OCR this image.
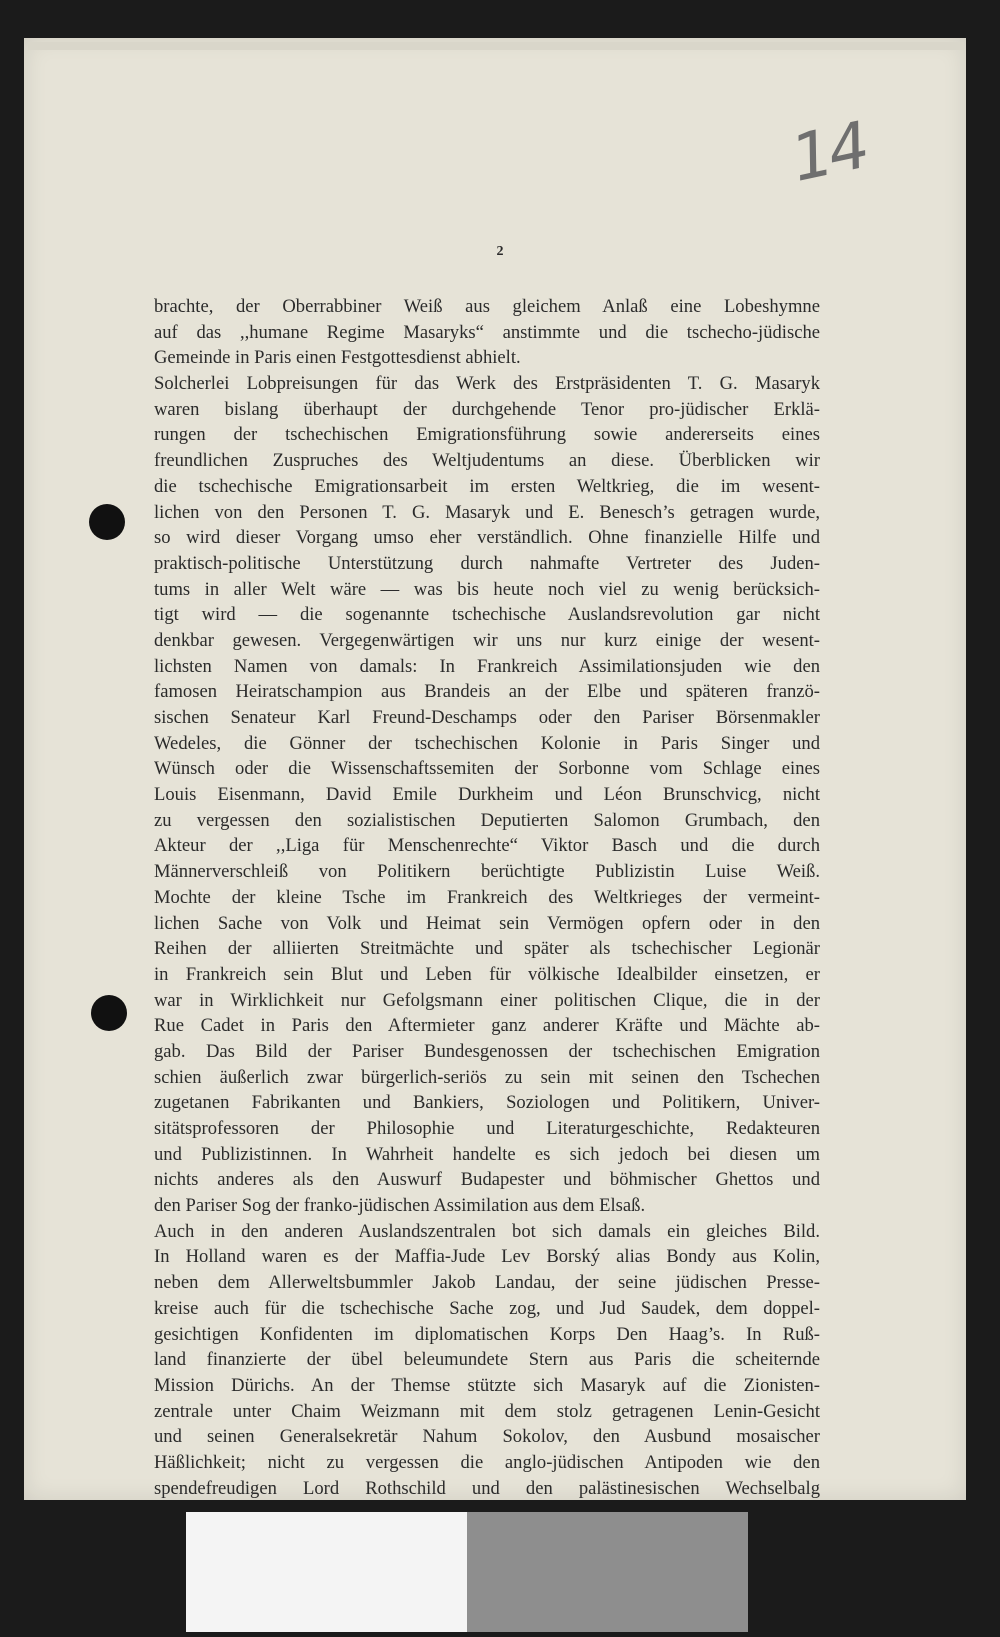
14
2
brachte, der Oberrabbiner Weiß aus gleichem Anlaß eine Lobeshymne
auf das ,,humane Regime Masaryks“ anstimmte und die tschecho-jüdische
Gemeinde in Paris einen Festgottesdienst abhielt.
Solcherlei Lobpreisungen für das Werk des Erstpräsidenten T. G. Masaryk
waren bislang überhaupt der durchgehende Tenor pro-jüdischer Erklä-
rungen der tschechischen Emigrationsführung sowie andererseits eines
freundlichen Zuspruches des Weltjudentums an diese. Überblicken wir
die tschechische Emigrationsarbeit im ersten Weltkrieg, die im wesent-
lichen von den Personen T. G. Masaryk und E. Benesch’s getragen wurde,
so wird dieser Vorgang umso eher verständlich. Ohne finanzielle Hilfe und
praktisch-politische Unterstützung durch nahmafte Vertreter des Juden-
tums in aller Welt wäre — was bis heute noch viel zu wenig berücksich-
tigt wird — die sogenannte tschechische Auslandsrevolution gar nicht
denkbar gewesen. Vergegenwärtigen wir uns nur kurz einige der wesent-
lichsten Namen von damals: In Frankreich Assimilationsjuden wie den
famosen Heiratschampion aus Brandeis an der Elbe und späteren franzö-
sischen Senateur Karl Freund-Deschamps oder den Pariser Börsenmakler
Wedeles, die Gönner der tschechischen Kolonie in Paris Singer und
Wünsch oder die Wissenschaftssemiten der Sorbonne vom Schlage eines
Louis Eisenmann, David Emile Durkheim und Léon Brunschvicg, nicht
zu vergessen den sozialistischen Deputierten Salomon Grumbach, den
Akteur der ,,Liga für Menschenrechte“ Viktor Basch und die durch
Männerverschleiß von Politikern berüchtigte Publizistin Luise Weiß.
Mochte der kleine Tsche im Frankreich des Weltkrieges der vermeint-
lichen Sache von Volk und Heimat sein Vermögen opfern oder in den
Reihen der alliierten Streitmächte und später als tschechischer Legionär
in Frankreich sein Blut und Leben für völkische Idealbilder einsetzen, er
war in Wirklichkeit nur Gefolgsmann einer politischen Clique, die in der
Rue Cadet in Paris den Aftermieter ganz anderer Kräfte und Mächte ab-
gab. Das Bild der Pariser Bundesgenossen der tschechischen Emigration
schien äußerlich zwar bürgerlich-seriös zu sein mit seinen den Tschechen
zugetanen Fabrikanten und Bankiers, Soziologen und Politikern, Univer-
sitätsprofessoren der Philosophie und Literaturgeschichte, Redakteuren
und Publizistinnen. In Wahrheit handelte es sich jedoch bei diesen um
nichts anderes als den Auswurf Budapester und böhmischer Ghettos und
den Pariser Sog der franko-jüdischen Assimilation aus dem Elsaß.
Auch in den anderen Auslandszentralen bot sich damals ein gleiches Bild.
In Holland waren es der Maffia-Jude Lev Borský alias Bondy aus Kolin,
neben dem Allerweltsbummler Jakob Landau, der seine jüdischen Presse-
kreise auch für die tschechische Sache zog, und Jud Saudek, dem doppel-
gesichtigen Konfidenten im diplomatischen Korps Den Haag’s. In Ruß-
land finanzierte der übel beleumundete Stern aus Paris die scheiternde
Mission Dürichs. An der Themse stützte sich Masaryk auf die Zionisten-
zentrale unter Chaim Weizmann mit dem stolz getragenen Lenin-Gesicht
und seinen Generalsekretär Nahum Sokolov, den Ausbund mosaischer
Häßlichkeit; nicht zu vergessen die anglo-jüdischen Antipoden wie den
spendefreudigen Lord Rothschild und den palästinesischen Wechselbalg
